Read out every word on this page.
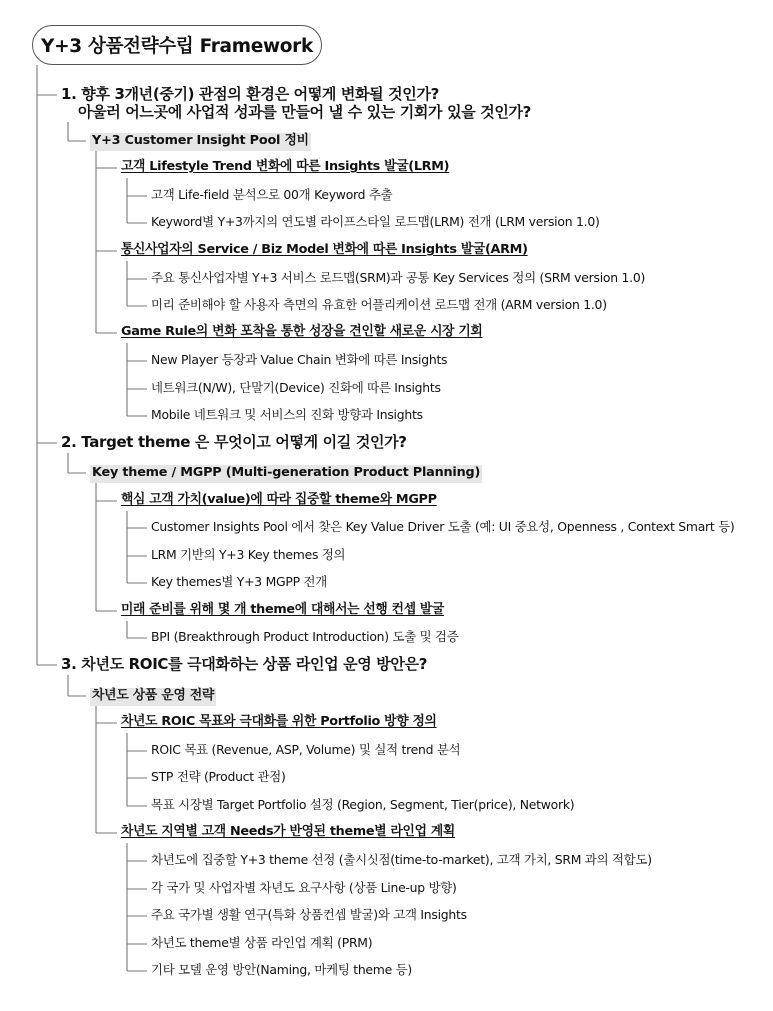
Y+3 상품전략수립 Framework
1. 향후 3개년(중기) 관점의 환경은 어떻게 변화될 것인가?
아울러 어느곳에 사업적 성과를 만들어 낼 수 있는 기회가 있을 것인가?
Y+3 Customer Insight Pool 정비
고객 Lifestyle Trend 변화에 따른 Insights 발굴(LRM)
고객 Life-field 분석으로 00개 Keyword 추출
Keyword별 Y+3까지의 연도별 라이프스타일 로드맵(LRM) 전개 (LRM version 1.0)
통신사업자의 Service / Biz Model 변화에 따른 Insights 발굴(ARM)
주요 통신사업자별 Y+3 서비스 로드맵(SRM)과 공통 Key Services 정의 (SRM version 1.0)
미리 준비해야 할 사용자 측면의 유효한 어플리케이션 로드맵 전개 (ARM version 1.0)
Game Rule의 변화 포착을 통한 성장을 견인할 새로운 시장 기회
New Player 등장과 Value Chain 변화에 따른 Insights
네트워크(N/W), 단말기(Device) 진화에 따른 Insights
Mobile 네트워크 및 서비스의 진화 방향과 Insights
2. Target theme 은 무엇이고 어떻게 이길 것인가?
Key theme / MGPP (Multi-generation Product Planning)
핵심 고객 가치(value)에 따라 집중할 theme와 MGPP
Customer Insights Pool 에서 찾은 Key Value Driver 도출 (예: UI 중요성, Openness , Context Smart 등)
LRM 기반의 Y+3 Key themes 정의
Key themes별 Y+3 MGPP 전개
미래 준비를 위해 몇 개 theme에 대해서는 선행 컨셉 발굴
BPI (Breakthrough Product Introduction) 도출 및 검증
3. 차년도 ROIC를 극대화하는 상품 라인업 운영 방안은?
차년도 상품 운영 전략
차년도 ROIC 목표와 극대화를 위한 Portfolio 방향 정의
ROIC 목표 (Revenue, ASP, Volume) 및 실적 trend 분석
STP 전략 (Product 관점)
목표 시장별 Target Portfolio 설정 (Region, Segment, Tier(price), Network)
차년도 지역별 고객 Needs가 반영된 theme별 라인업 계획
차년도에 집중할 Y+3 theme 선정 (출시싯점(time-to-market), 고객 가치, SRM 과의 적합도)
각 국가 및 사업자별 차년도 요구사항 (상품 Line-up 방향)
주요 국가별 생활 연구(특화 상품컨셉 발굴)와 고객 Insights
차년도 theme별 상품 라인업 계획 (PRM)
기타 모델 운영 방안(Naming, 마케팅 theme 등)
